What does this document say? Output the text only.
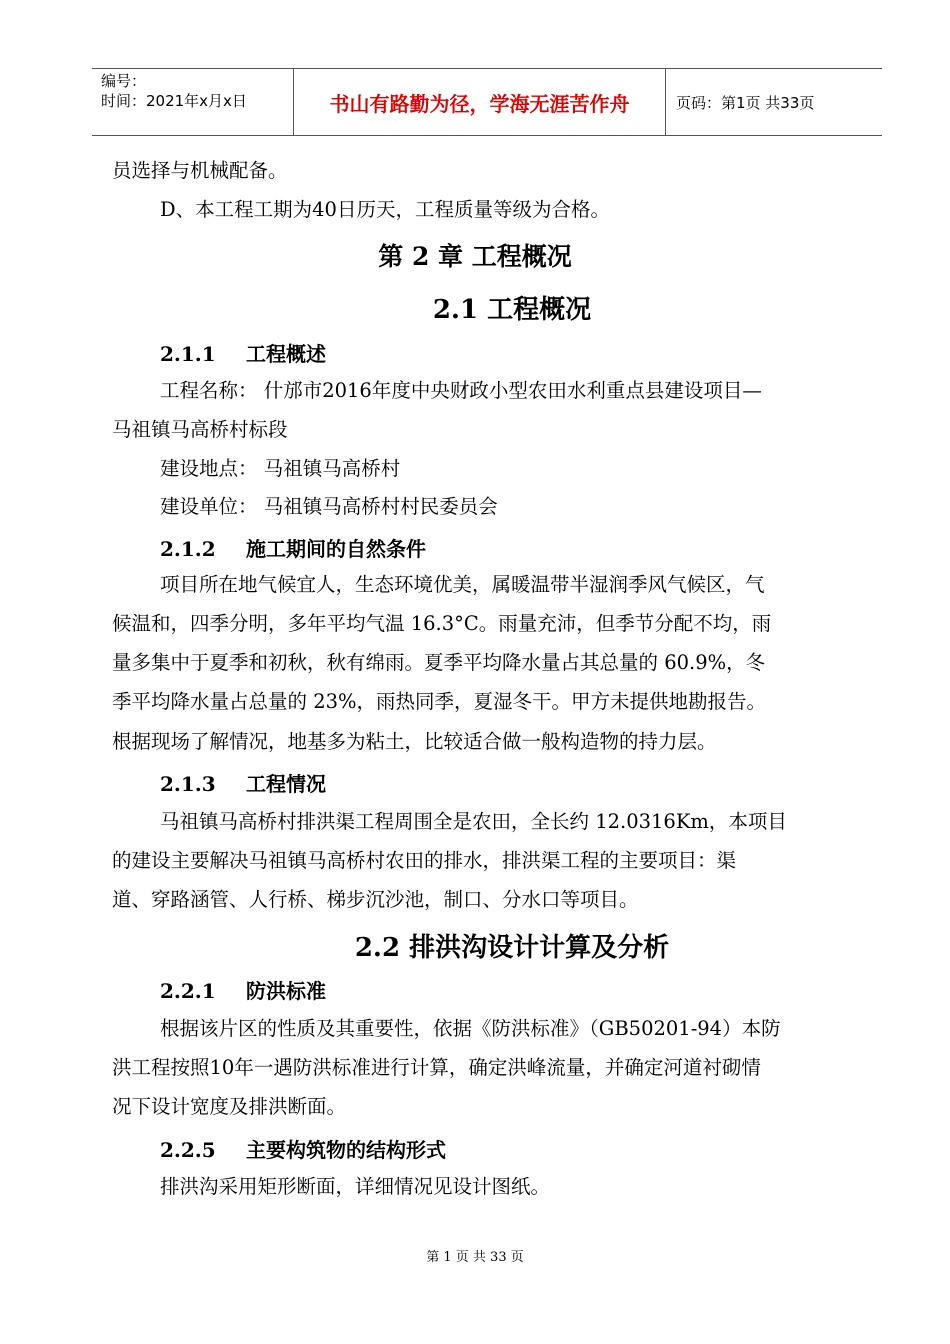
编号：
时间：2021年x月x日	书山有路勤为径，学海无涯苦作舟	页码：第1页 共33页
员选择与机械配备。
D、本工程工期为40日历天，工程质量等级为合格。
第 2 章 工程概况
2.1 工程概况
2.1.1 工程概述
工程名称： 什邡市2016年度中央财政小型农田水利重点县建设项目—
马祖镇马高桥村标段
建设地点： 马祖镇马高桥村
建设单位： 马祖镇马高桥村村民委员会
2.1.2 施工期间的自然条件
项目所在地气候宜人，生态环境优美，属暖温带半湿润季风气候区，气
候温和，四季分明，多年平均气温 16.3°C。雨量充沛，但季节分配不均，雨
量多集中于夏季和初秋，秋有绵雨。夏季平均降水量占其总量的 60.9%，冬
季平均降水量占总量的 23%，雨热同季，夏湿冬干。甲方未提供地勘报告。
根据现场了解情况，地基多为粘土，比较适合做一般构造物的持力层。
2.1.3 工程情况
马祖镇马高桥村排洪渠工程周围全是农田，全长约 12.0316Km，本项目
的建设主要解决马祖镇马高桥村农田的排水，排洪渠工程的主要项目：渠
道、穿路涵管、人行桥、梯步沉沙池，制口、分水口等项目。
2.2 排洪沟设计计算及分析
2.2.1 防洪标准
根据该片区的性质及其重要性，依据《防洪标准》（GB50201-94）本防
洪工程按照10年一遇防洪标准进行计算，确定洪峰流量，并确定河道衬砌情
况下设计宽度及排洪断面。
2.2.5 主要构筑物的结构形式
排洪沟采用矩形断面，详细情况见设计图纸。
第 1 页 共 33 页
